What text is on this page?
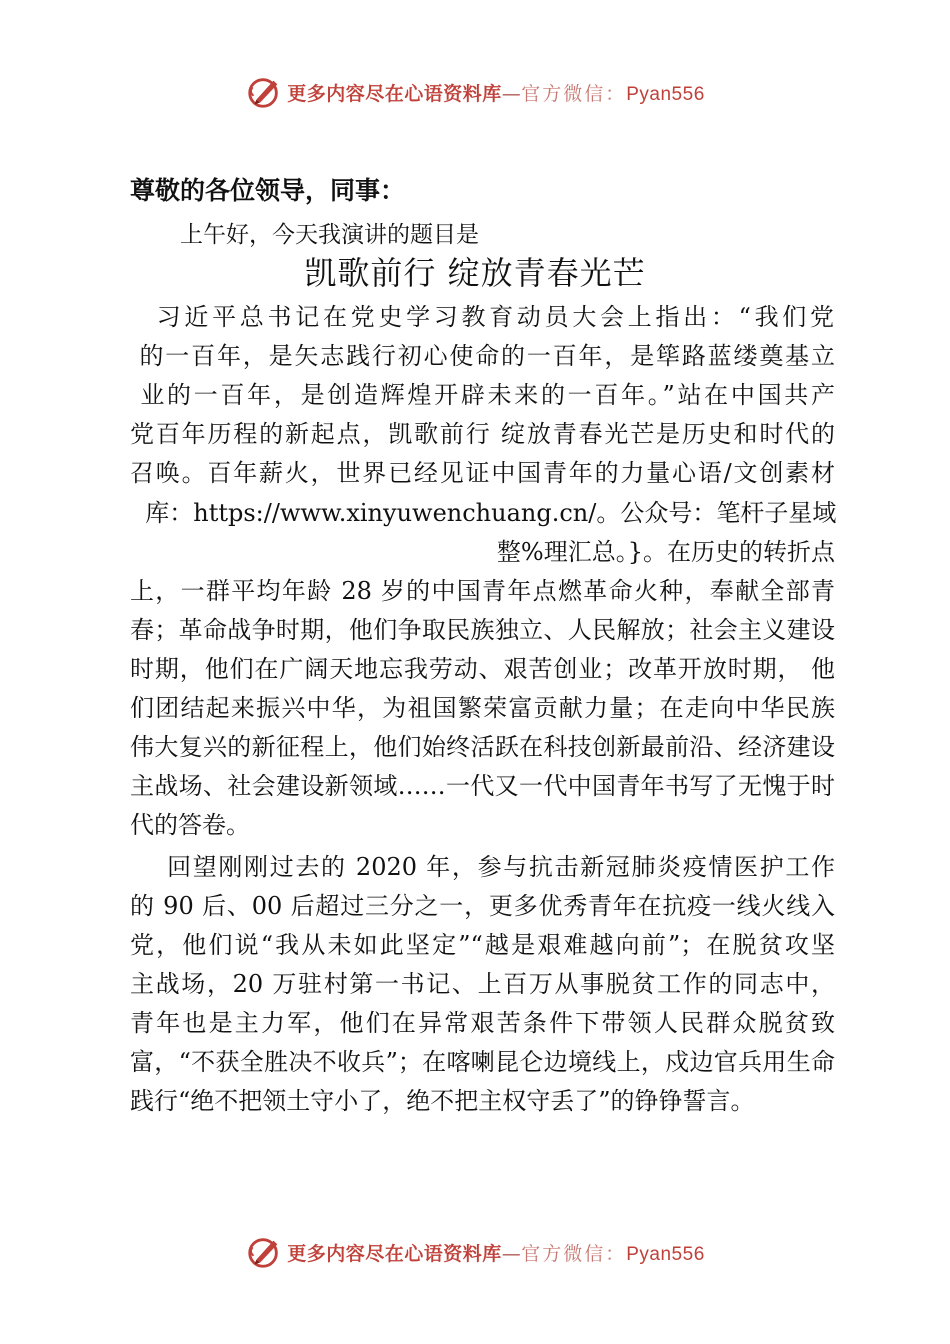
更多内容尽在心语资料库—官方微信：Pyan556
尊敬的各位领导，同事：
上午好，今天我演讲的题目是
凯歌前行 绽放青春光芒
习近平总书记在党史学习教育动员大会上指出：“我们党
的一百年，是矢志践行初心使命的一百年，是筚路蓝缕奠基立
业的一百年，是创造辉煌开辟未来的一百年。”站在中国共产
党百年历程的新起点，凯歌前行 绽放青春光芒是历史和时代的
召唤。百年薪火，世界已经见证中国青年的力量心语/文创素材
库：https://www.xinyuwenchuang.cn/。公众号：笔杆子星域
整%理汇总。}。在历史的转折点
上，一群平均年龄 28 岁的中国青年点燃革命火种，奉献全部青
春；革命战争时期，他们争取民族独立、人民解放；社会主义建设
时期，他们在广阔天地忘我劳动、艰苦创业；改革开放时期， 他
们团结起来振兴中华，为祖国繁荣富贡献力量；在走向中华民族
伟大复兴的新征程上，他们始终活跃在科技创新最前沿、经济建设
主战场、社会建设新领域……一代又一代中国青年书写了无愧于时
代的答卷。
回望刚刚过去的 2020 年，参与抗击新冠肺炎疫情医护工作
的 90 后、00 后超过三分之一，更多优秀青年在抗疫一线火线入
党，他们说“我从未如此坚定”“越是艰难越向前”；在脱贫攻坚
主战场，20 万驻村第一书记、上百万从事脱贫工作的同志中，
青年也是主力军，他们在异常艰苦条件下带领人民群众脱贫致
富，“不获全胜决不收兵”；在喀喇昆仑边境线上，戍边官兵用生命
践行“绝不把领土守小了，绝不把主权守丢了”的铮铮誓言。
更多内容尽在心语资料库—官方微信：Pyan556
